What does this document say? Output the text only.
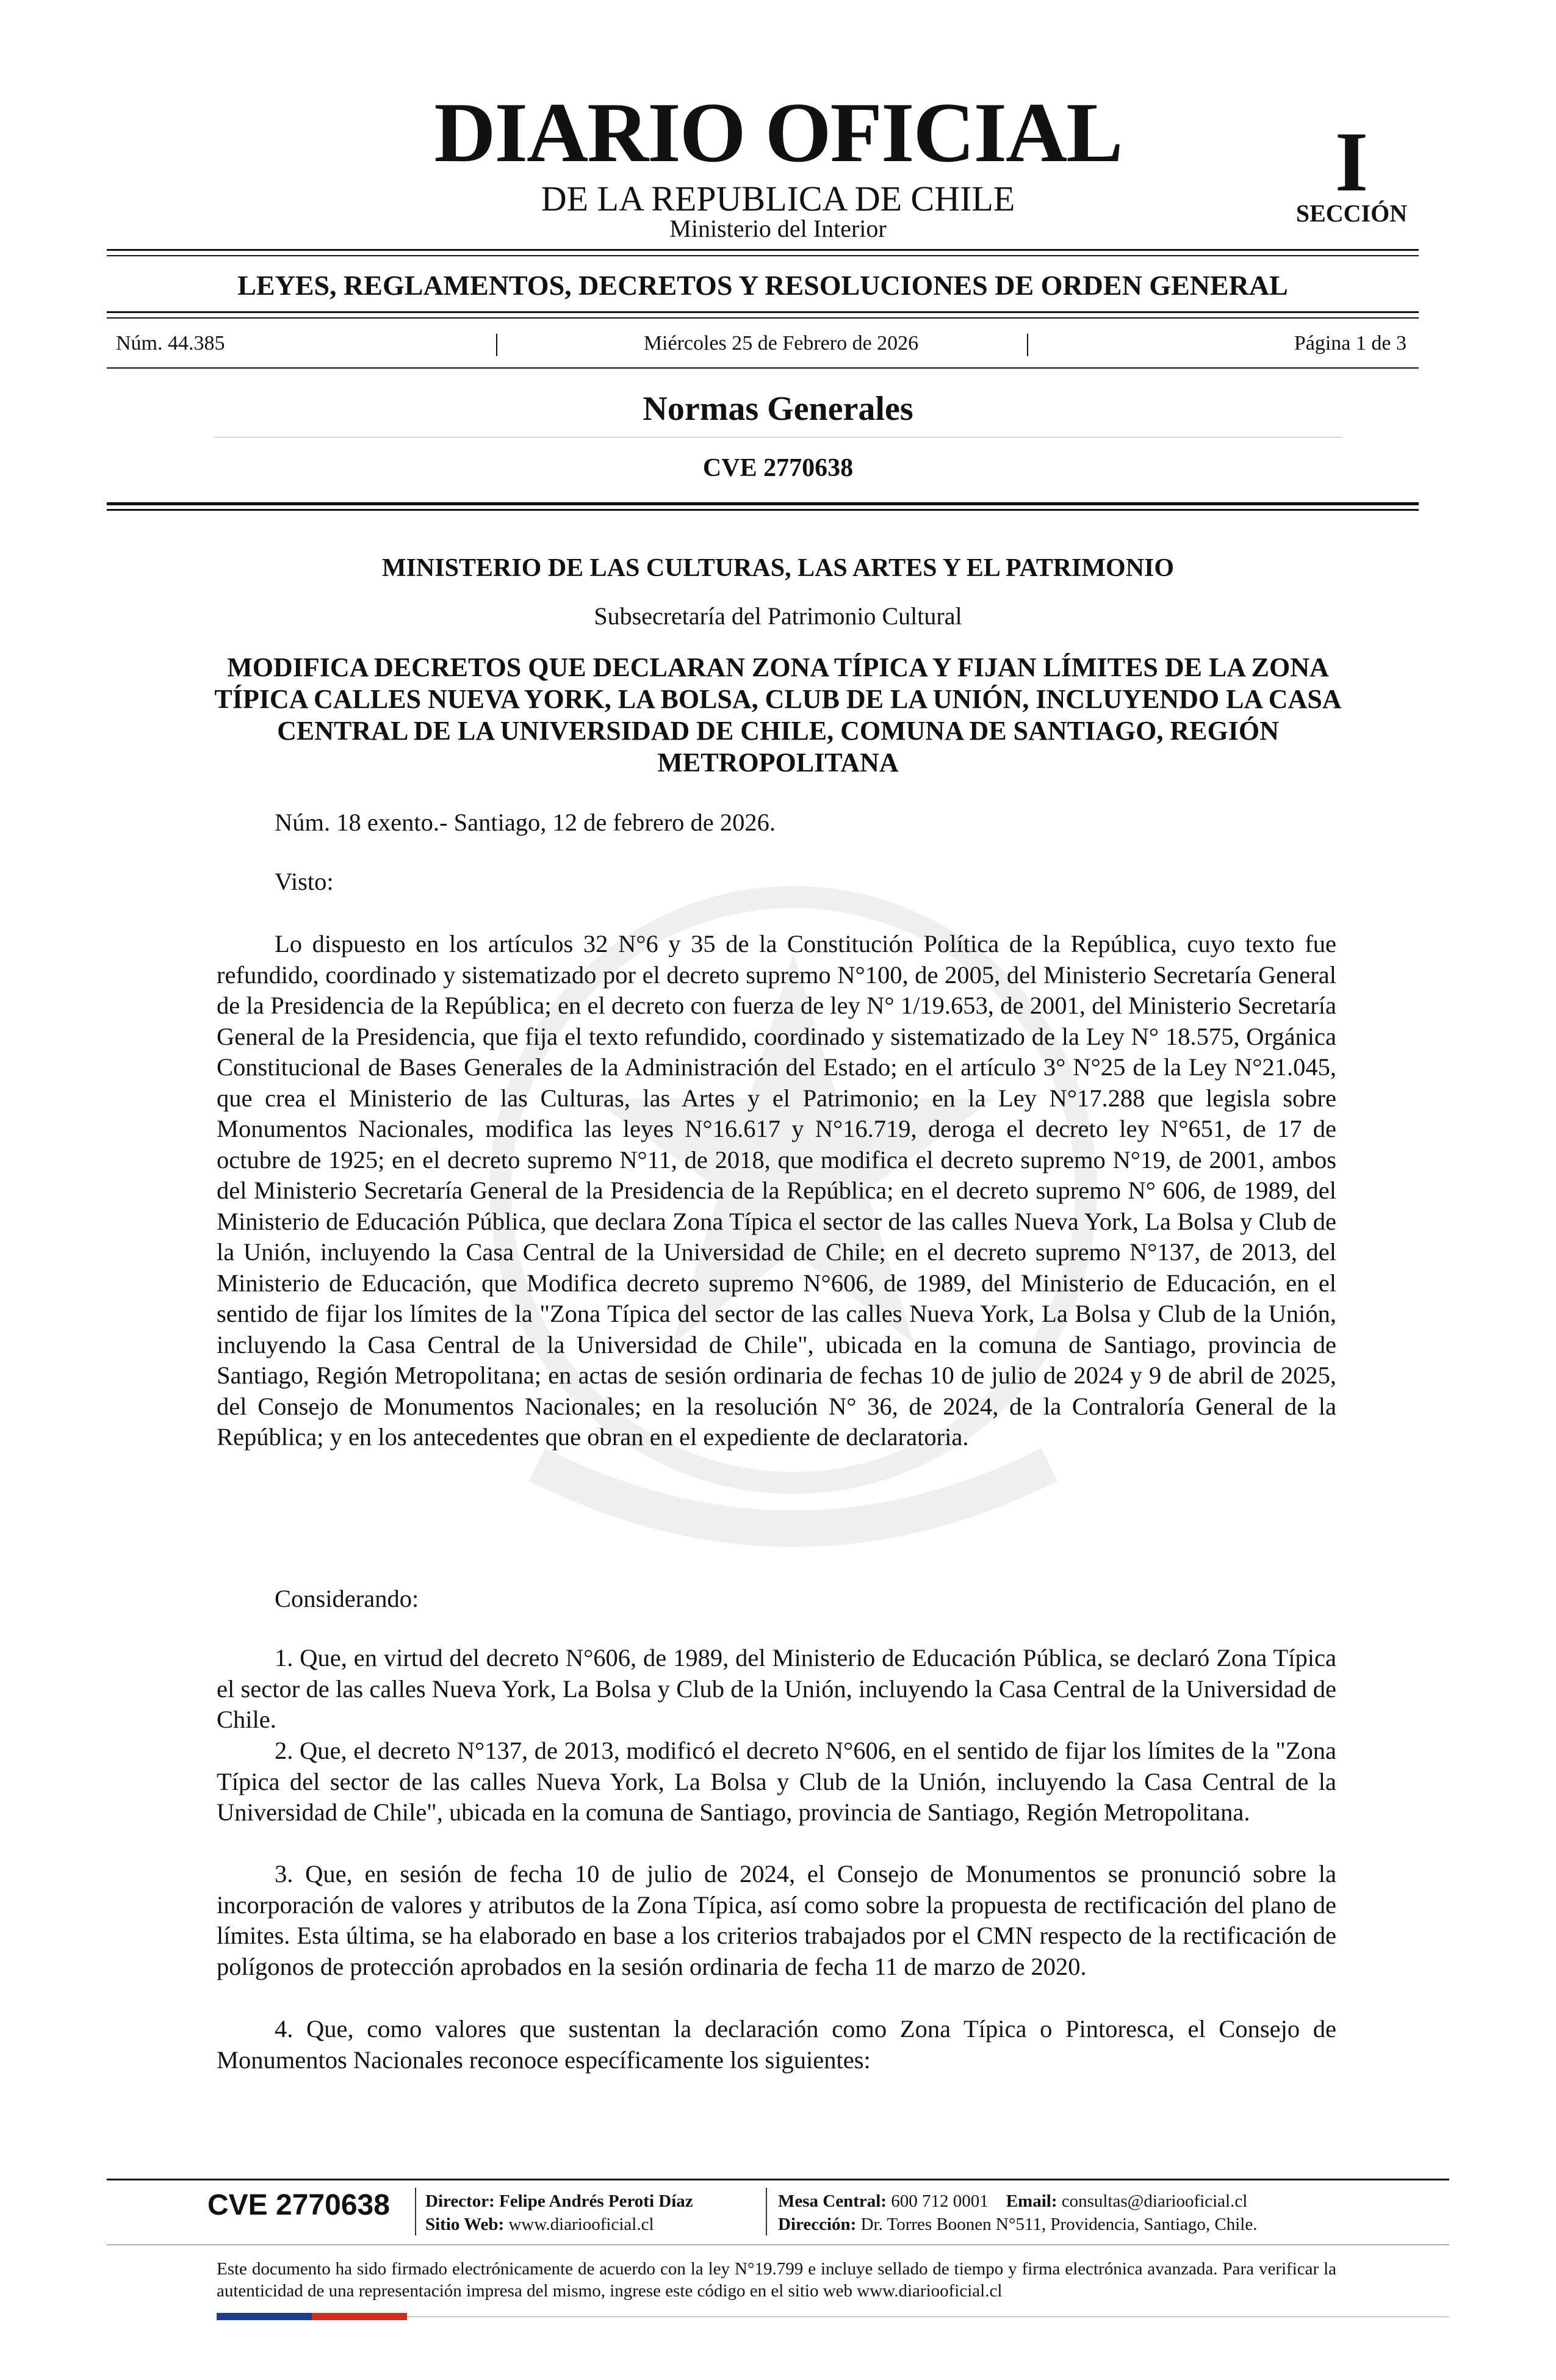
DIARIO OFICIAL
DE LA REPUBLICA DE CHILE
Ministerio del Interior
I
SECCIÓN
LEYES, REGLAMENTOS, DECRETOS Y RESOLUCIONES DE ORDEN GENERAL
Núm. 44.385	|	Miércoles 25 de Febrero de 2026	|	Página 1 de 3
Normas Generales
CVE 2770638
MINISTERIO DE LAS CULTURAS, LAS ARTES Y EL PATRIMONIO
Subsecretaría del Patrimonio Cultural
MODIFICA DECRETOS QUE DECLARAN ZONA TÍPICA Y FIJAN LÍMITES DE LA ZONA TÍPICA CALLES NUEVA YORK, LA BOLSA, CLUB DE LA UNIÓN, INCLUYENDO LA CASA CENTRAL DE LA UNIVERSIDAD DE CHILE, COMUNA DE SANTIAGO, REGIÓN METROPOLITANA
Núm. 18 exento.- Santiago, 12 de febrero de 2026.
Visto:
Lo dispuesto en los artículos 32 N°6 y 35 de la Constitución Política de la República, cuyo texto fue refundido, coordinado y sistematizado por el decreto supremo N°100, de 2005, del Ministerio Secretaría General de la Presidencia de la República; en el decreto con fuerza de ley N° 1/19.653, de 2001, del Ministerio Secretaría General de la Presidencia, que fija el texto refundido, coordinado y sistematizado de la Ley N° 18.575, Orgánica Constitucional de Bases Generales de la Administración del Estado; en el artículo 3° N°25 de la Ley N°21.045, que crea el Ministerio de las Culturas, las Artes y el Patrimonio; en la Ley N°17.288 que legisla sobre Monumentos Nacionales, modifica las leyes N°16.617 y N°16.719, deroga el decreto ley N°651, de 17 de octubre de 1925; en el decreto supremo N°11, de 2018, que modifica el decreto supremo N°19, de 2001, ambos del Ministerio Secretaría General de la Presidencia de la República; en el decreto supremo N° 606, de 1989, del Ministerio de Educación Pública, que declara Zona Típica el sector de las calles Nueva York, La Bolsa y Club de la Unión, incluyendo la Casa Central de la Universidad de Chile; en el decreto supremo N°137, de 2013, del Ministerio de Educación, que Modifica decreto supremo N°606, de 1989, del Ministerio de Educación, en el sentido de fijar los límites de la "Zona Típica del sector de las calles Nueva York, La Bolsa y Club de la Unión, incluyendo la Casa Central de la Universidad de Chile", ubicada en la comuna de Santiago, provincia de Santiago, Región Metropolitana; en actas de sesión ordinaria de fechas 10 de julio de 2024 y 9 de abril de 2025, del Consejo de Monumentos Nacionales; en la resolución N° 36, de 2024, de la Contraloría General de la República; y en los antecedentes que obran en el expediente de declaratoria.
Considerando:
1. Que, en virtud del decreto N°606, de 1989, del Ministerio de Educación Pública, se declaró Zona Típica el sector de las calles Nueva York, La Bolsa y Club de la Unión, incluyendo la Casa Central de la Universidad de Chile.
2. Que, el decreto N°137, de 2013, modificó el decreto N°606, en el sentido de fijar los límites de la "Zona Típica del sector de las calles Nueva York, La Bolsa y Club de la Unión, incluyendo la Casa Central de la Universidad de Chile", ubicada en la comuna de Santiago, provincia de Santiago, Región Metropolitana.
3. Que, en sesión de fecha 10 de julio de 2024, el Consejo de Monumentos se pronunció sobre la incorporación de valores y atributos de la Zona Típica, así como sobre la propuesta de rectificación del plano de límites. Esta última, se ha elaborado en base a los criterios trabajados por el CMN respecto de la rectificación de polígonos de protección aprobados en la sesión ordinaria de fecha 11 de marzo de 2020.
4. Que, como valores que sustentan la declaración como Zona Típica o Pintoresca, el Consejo de Monumentos Nacionales reconoce específicamente los siguientes:
CVE 2770638 Director: Felipe Andrés Peroti Díaz
Sitio Web: www.diariooficial.cl
Mesa Central: 600 712 0001 Email: consultas@diariooficial.cl
Dirección: Dr. Torres Boonen N°511, Providencia, Santiago, Chile.
Este documento ha sido firmado electrónicamente de acuerdo con la ley N°19.799 e incluye sellado de tiempo y firma electrónica avanzada. Para verificar la autenticidad de una representación impresa del mismo, ingrese este código en el sitio web www.diariooficial.cl
